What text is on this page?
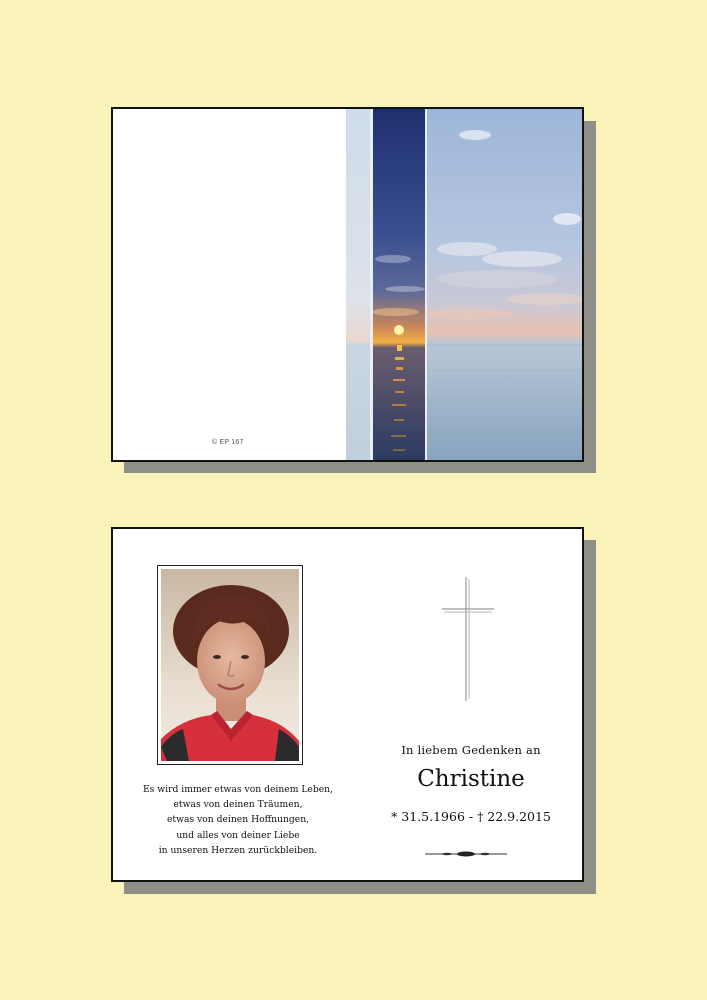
© EP 167
Es wird immer etwas von deinem Leben,
etwas von deinen Träumen,
etwas von deinen Hoffnungen,
und alles von deiner Liebe
in unseren Herzen zurückbleiben.
In liebem Gedenken an
Christine
* 31.5.1966 - † 22.9.2015
